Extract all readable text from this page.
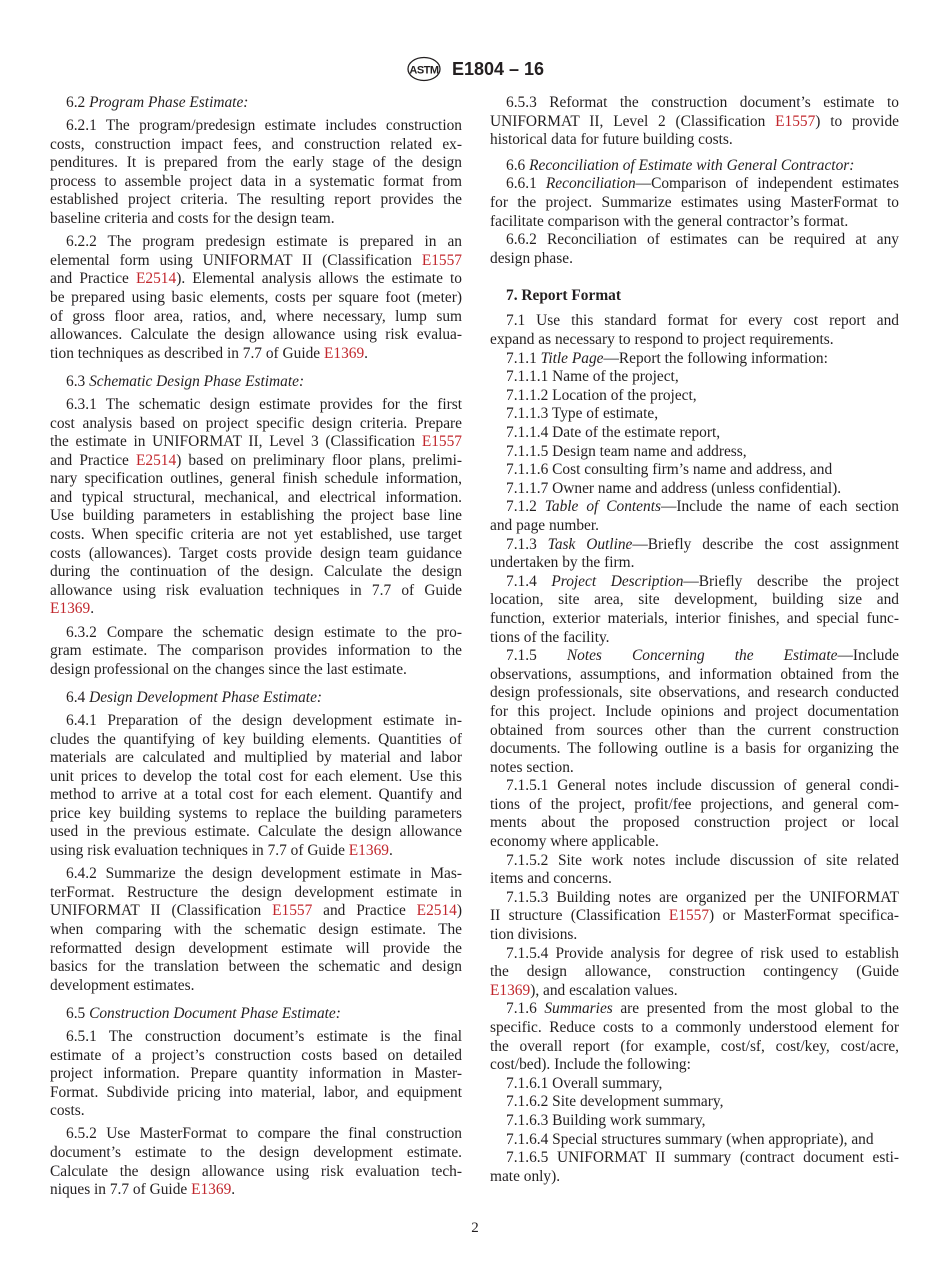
ASTM E1804 – 16
6.2 Program Phase Estimate:
6.2.1 The program/predesign estimate includes construction
costs, construction impact fees, and construction related ex-
penditures. It is prepared from the early stage of the design
process to assemble project data in a systematic format from
established project criteria. The resulting report provides the
baseline criteria and costs for the design team.
6.2.2 The program predesign estimate is prepared in an
elemental form using UNIFORMAT II (Classification E1557
and Practice E2514). Elemental analysis allows the estimate to
be prepared using basic elements, costs per square foot (meter)
of gross floor area, ratios, and, where necessary, lump sum
allowances. Calculate the design allowance using risk evalua-
tion techniques as described in 7.7 of Guide E1369.
6.3 Schematic Design Phase Estimate:
6.3.1 The schematic design estimate provides for the first
cost analysis based on project specific design criteria. Prepare
the estimate in UNIFORMAT II, Level 3 (Classification E1557
and Practice E2514) based on preliminary floor plans, prelimi-
nary specification outlines, general finish schedule information,
and typical structural, mechanical, and electrical information.
Use building parameters in establishing the project base line
costs. When specific criteria are not yet established, use target
costs (allowances). Target costs provide design team guidance
during the continuation of the design. Calculate the design
allowance using risk evaluation techniques in 7.7 of Guide
E1369.
6.3.2 Compare the schematic design estimate to the pro-
gram estimate. The comparison provides information to the
design professional on the changes since the last estimate.
6.4 Design Development Phase Estimate:
6.4.1 Preparation of the design development estimate in-
cludes the quantifying of key building elements. Quantities of
materials are calculated and multiplied by material and labor
unit prices to develop the total cost for each element. Use this
method to arrive at a total cost for each element. Quantify and
price key building systems to replace the building parameters
used in the previous estimate. Calculate the design allowance
using risk evaluation techniques in 7.7 of Guide E1369.
6.4.2 Summarize the design development estimate in Mas-
terFormat. Restructure the design development estimate in
UNIFORMAT II (Classification E1557 and Practice E2514)
when comparing with the schematic design estimate. The
reformatted design development estimate will provide the
basics for the translation between the schematic and design
development estimates.
6.5 Construction Document Phase Estimate:
6.5.1 The construction document’s estimate is the final
estimate of a project’s construction costs based on detailed
project information. Prepare quantity information in Master-
Format. Subdivide pricing into material, labor, and equipment
costs.
6.5.2 Use MasterFormat to compare the final construction
document’s estimate to the design development estimate.
Calculate the design allowance using risk evaluation tech-
niques in 7.7 of Guide E1369.
6.5.3 Reformat the construction document’s estimate to
UNIFORMAT II, Level 2 (Classification E1557) to provide
historical data for future building costs.
6.6 Reconciliation of Estimate with General Contractor:
6.6.1 Reconciliation—Comparison of independent estimates
for the project. Summarize estimates using MasterFormat to
facilitate comparison with the general contractor’s format.
6.6.2 Reconciliation of estimates can be required at any
design phase.
7. Report Format
7.1 Use this standard format for every cost report and
expand as necessary to respond to project requirements.
7.1.1 Title Page—Report the following information:
7.1.1.1 Name of the project,
7.1.1.2 Location of the project,
7.1.1.3 Type of estimate,
7.1.1.4 Date of the estimate report,
7.1.1.5 Design team name and address,
7.1.1.6 Cost consulting firm’s name and address, and
7.1.1.7 Owner name and address (unless confidential).
7.1.2 Table of Contents—Include the name of each section
and page number.
7.1.3 Task Outline—Briefly describe the cost assignment
undertaken by the firm.
7.1.4 Project Description—Briefly describe the project
location, site area, site development, building size and
function, exterior materials, interior finishes, and special func-
tions of the facility.
7.1.5 Notes Concerning the Estimate—Include
observations, assumptions, and information obtained from the
design professionals, site observations, and research conducted
for this project. Include opinions and project documentation
obtained from sources other than the current construction
documents. The following outline is a basis for organizing the
notes section.
7.1.5.1 General notes include discussion of general condi-
tions of the project, profit/fee projections, and general com-
ments about the proposed construction project or local
economy where applicable.
7.1.5.2 Site work notes include discussion of site related
items and concerns.
7.1.5.3 Building notes are organized per the UNIFORMAT
II structure (Classification E1557) or MasterFormat specifica-
tion divisions.
7.1.5.4 Provide analysis for degree of risk used to establish
the design allowance, construction contingency (Guide
E1369), and escalation values.
7.1.6 Summaries are presented from the most global to the
specific. Reduce costs to a commonly understood element for
the overall report (for example, cost/sf, cost/key, cost/acre,
cost/bed). Include the following:
7.1.6.1 Overall summary,
7.1.6.2 Site development summary,
7.1.6.3 Building work summary,
7.1.6.4 Special structures summary (when appropriate), and
7.1.6.5 UNIFORMAT II summary (contract document esti-
mate only).
2
